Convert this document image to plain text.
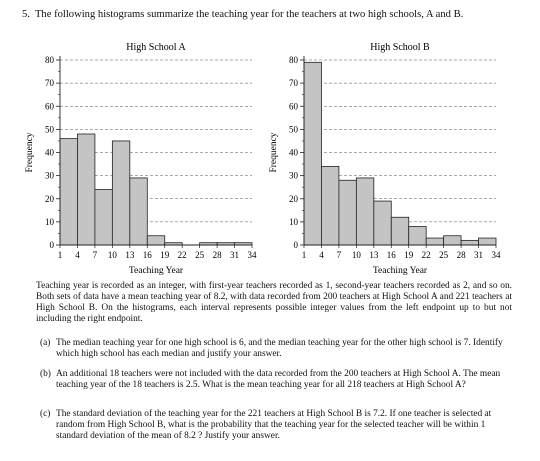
5. The following histograms summarize the teaching year for the teachers at two high schools, A and B.
High School A
0
10
20
30
40
50
60
70
80
1 4 7 10 13 16 19 22 25 28 31 34
Teaching Year
Frequency
High School B
0
10
20
30
40
50
60
70
80
1 4 7 10 13 16 19 22 25 28 31 34
Teaching Year
Frequency
Teaching year is recorded as an integer, with first-year teachers recorded as 1, second-year teachers recorded as 2, and so on. Both sets of data have a mean teaching year of 8.2, with data recorded from 200 teachers at High School A and 221 teachers at High School B. On the histograms, each interval represents possible integer values from the left endpoint up to but not including the right endpoint.
(a) The median teaching year for one high school is 6, and the median teaching year for the other high school is 7. Identify which high school has each median and justify your answer.
(b) An additional 18 teachers were not included with the data recorded from the 200 teachers at High School A. The mean teaching year of the 18 teachers is 2.5. What is the mean teaching year for all 218 teachers at High School A?
(c) The standard deviation of the teaching year for the 221 teachers at High School B is 7.2. If one teacher is selected at random from High School B, what is the probability that the teaching year for the selected teacher will be within 1 standard deviation of the mean of 8.2 ? Justify your answer.
